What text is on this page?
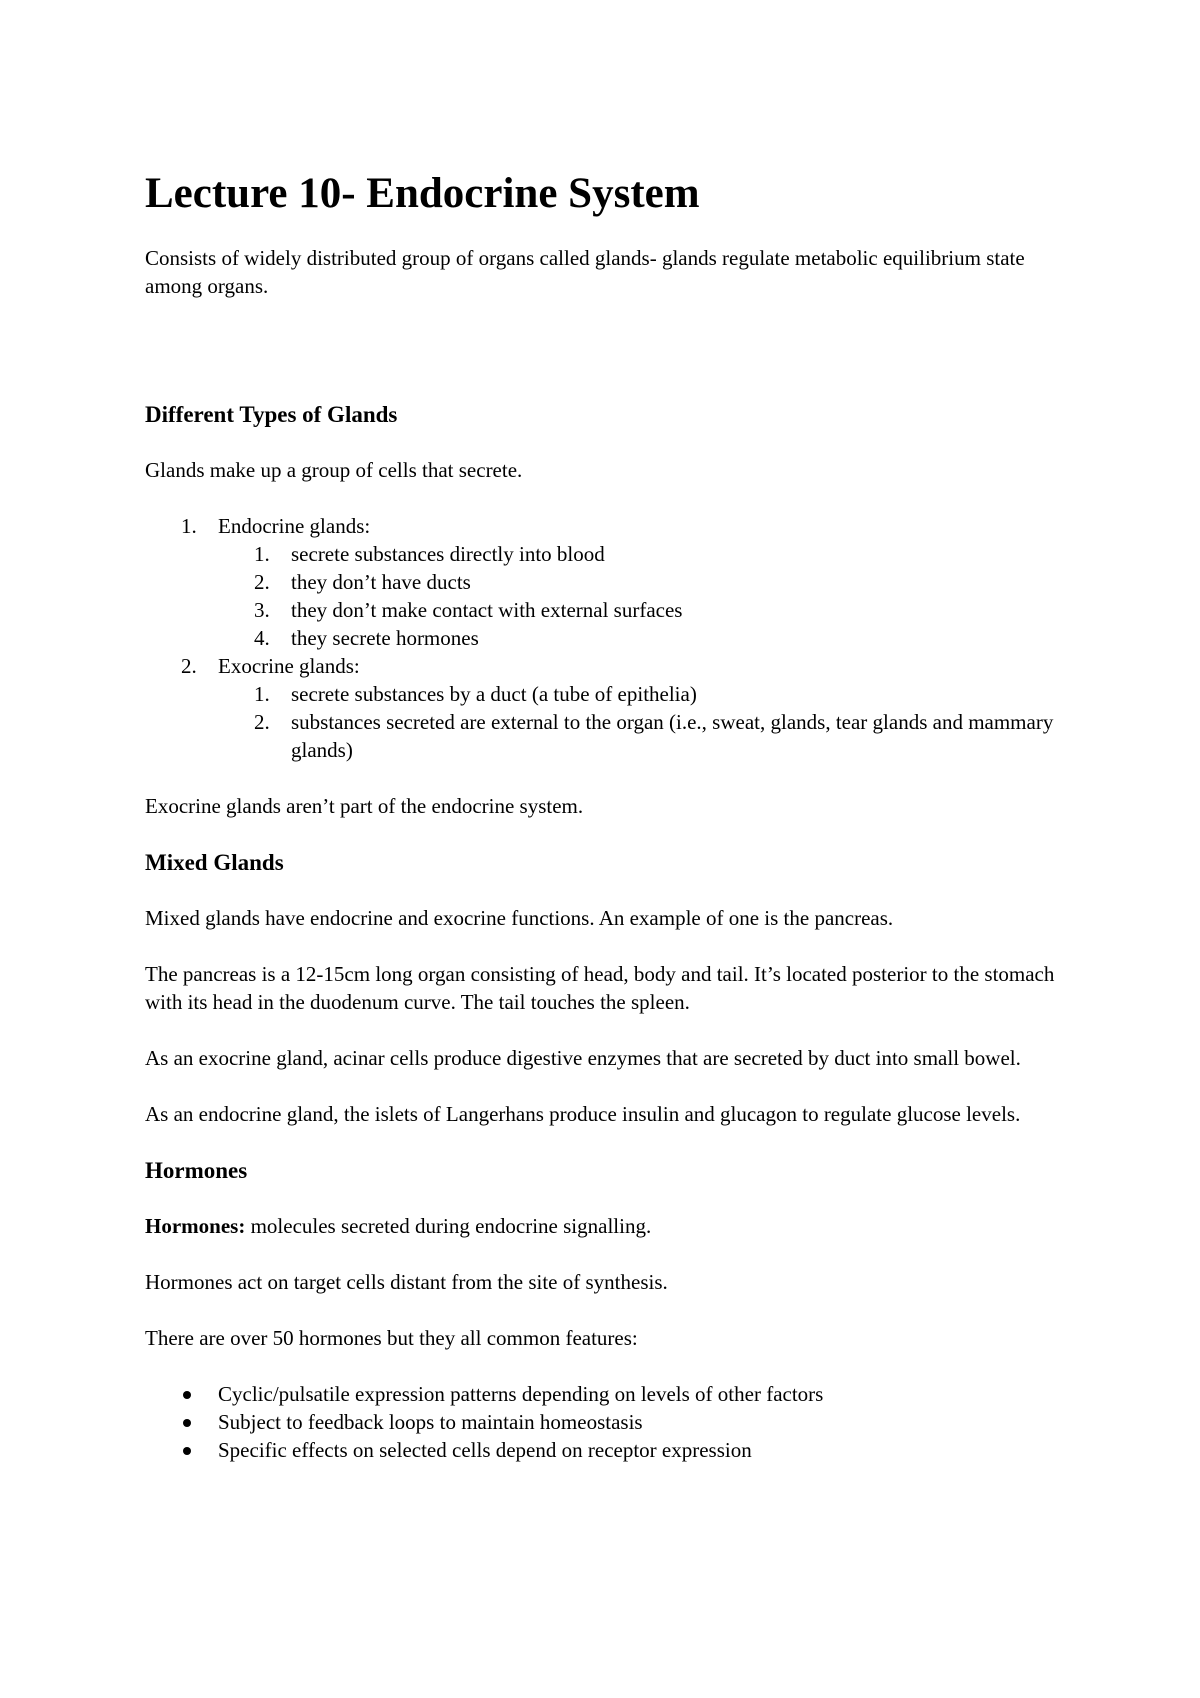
Lecture 10- Endocrine System

Consists of widely distributed group of organs called glands- glands regulate metabolic equilibrium state among organs.

Different Types of Glands

Glands make up a group of cells that secrete.

1.	Endocrine glands:
1.	secrete substances directly into blood
2.	they don’t have ducts
3.	they don’t make contact with external surfaces
4.	they secrete hormones
2.	Exocrine glands:
1.	secrete substances by a duct (a tube of epithelia)
2.	substances secreted are external to the organ (i.e., sweat, glands, tear glands and mammary glands)

Exocrine glands aren’t part of the endocrine system.

Mixed Glands

Mixed glands have endocrine and exocrine functions. An example of one is the pancreas.

The pancreas is a 12-15cm long organ consisting of head, body and tail. It’s located posterior to the stomach with its head in the duodenum curve. The tail touches the spleen.

As an exocrine gland, acinar cells produce digestive enzymes that are secreted by duct into small bowel.

As an endocrine gland, the islets of Langerhans produce insulin and glucagon to regulate glucose levels.

Hormones

Hormones: molecules secreted during endocrine signalling.

Hormones act on target cells distant from the site of synthesis.

There are over 50 hormones but they all common features:

Cyclic/pulsatile expression patterns depending on levels of other factors
Subject to feedback loops to maintain homeostasis
Specific effects on selected cells depend on receptor expression
